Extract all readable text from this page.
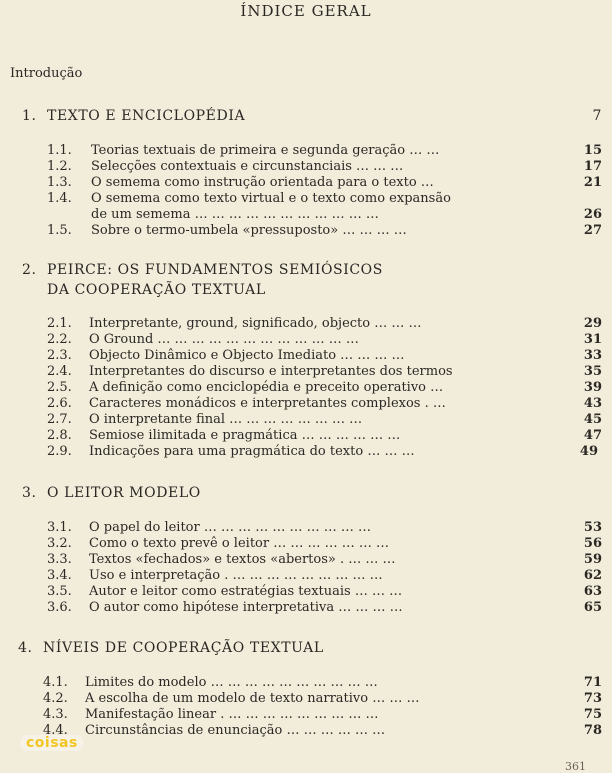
ÍNDICE GERAL
Introdução
1. TEXTO E ENCICLOPÉDIA	7
1.1. Teorias textuais de primeira e segunda geração … …	15
1.2. Selecções contextuais e circunstanciais … … …	17
1.3. O semema como instrução orientada para o texto …	21
1.4. O semema como texto virtual e o texto como expansão
de um semema … … … … … … … … … … …	26
1.5. Sobre o termo-umbela «pressuposto» … … … …	27
2. PEIRCE: OS FUNDAMENTOS SEMIÓSICOS
DA COOPERAÇÃO TEXTUAL
2.1. Interpretante, ground, significado, objecto … … …	29
2.2. O Ground … … … … … … … … … … … …	31
2.3. Objecto Dinâmico e Objecto Imediato … … … …	33
2.4. Interpretantes do discurso e interpretantes dos termos	35
2.5. A definição como enciclopédia e preceito operativo …	39
2.6. Caracteres monádicos e interpretantes complexos . …	43
2.7. O interpretante final … … … … … … … …	45
2.8. Semiose ilimitada e pragmática … … … … … …	47
2.9. Indicações para uma pragmática do texto … … …	49
3. O LEITOR MODELO
3.1. O papel do leitor … … … … … … … … … …	53
3.2. Como o texto prevê o leitor … … … … … … …	56
3.3. Textos «fechados» e textos «abertos» . … … …	59
3.4. Uso e interpretação . … … … … … … … … …	62
3.5. Autor e leitor como estratégias textuais … … …	63
3.6. O autor como hipótese interpretativa … … … …	65
4. NÍVEIS DE COOPERAÇÃO TEXTUAL
4.1. Limites do modelo … … … … … … … … … …	71
4.2. A escolha de um modelo de texto narrativo … … …	73
4.3. Manifestação linear . … … … … … … … … …	75
4.4. Circunstâncias de enunciação … … … … … …	78
coisas
361
